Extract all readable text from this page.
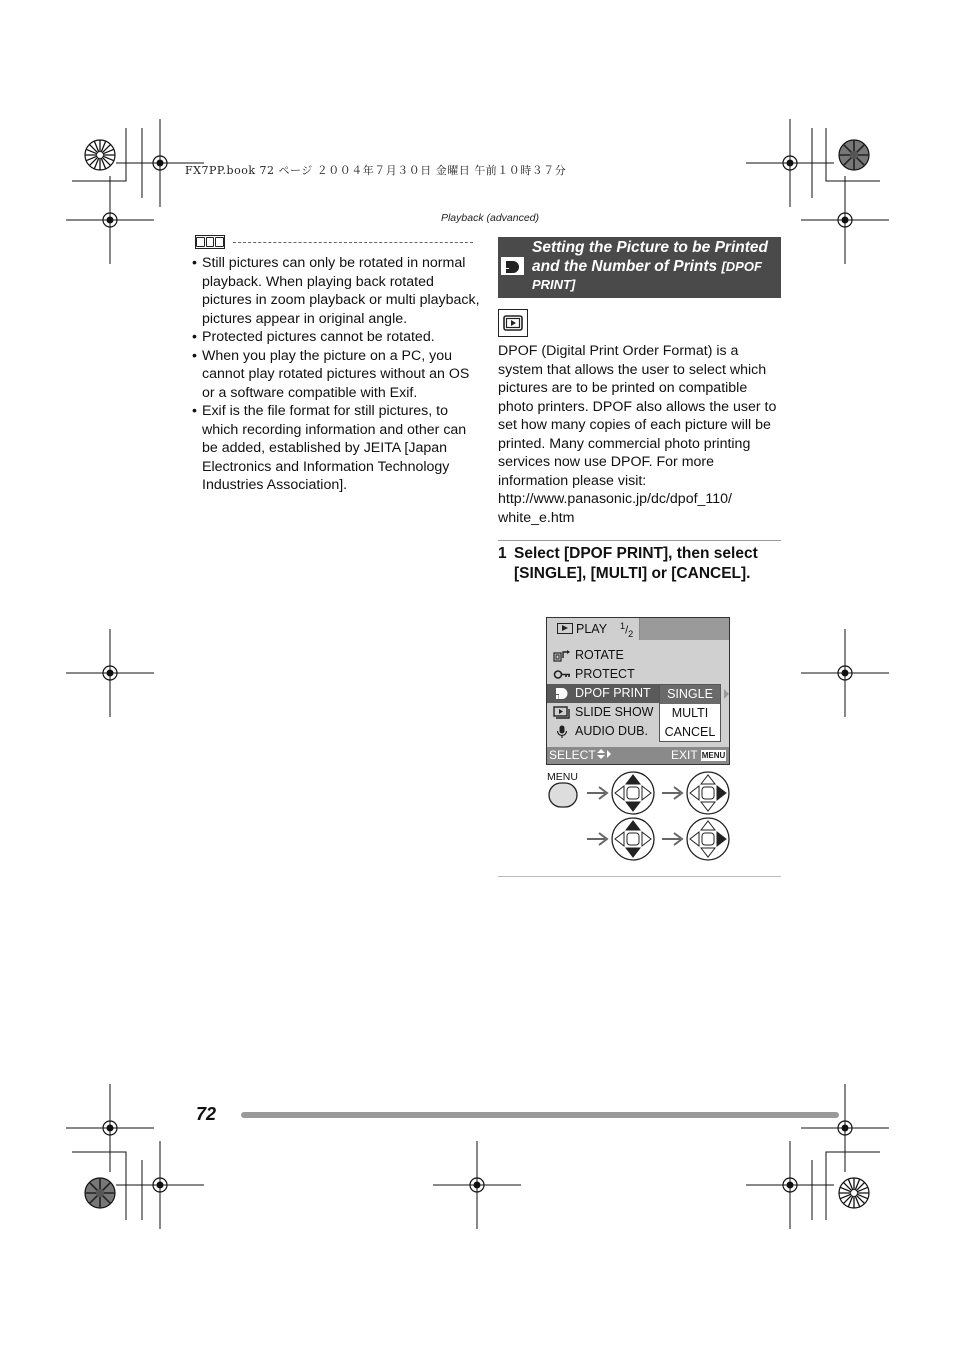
FX7PP.book 72 ページ ２００４年７月３０日 金曜日 午前１０時３７分
Playback (advanced)
• Still pictures can only be rotated in normal playback. When playing back rotated pictures in zoom playback or multi playback, pictures appear in original angle.
• Protected pictures cannot be rotated.
• When you play the picture on a PC, you cannot play rotated pictures without an OS or a software compatible with Exif.
• Exif is the file format for still pictures, to which recording information and other can be added, established by JEITA [Japan Electronics and Information Technology Industries Association].
Setting the Picture to be Printed and the Number of Prints [DPOF PRINT]

DPOF (Digital Print Order Format) is a system that allows the user to select which pictures are to be printed on compatible photo printers. DPOF also allows the user to set how many copies of each picture will be printed. Many commercial photo printing services now use DPOF. For more information please visit:
http://www.panasonic.jp/dc/dpof_110/
white_e.htm

1 Select [DPOF PRINT], then select [SINGLE], [MULTI] or [CANCEL].
PLAY $^1/_2$
ROTATE
PROTECT
DPOF PRINT
SLIDE SHOW
AUDIO DUB.
SINGLE
MULTI
CANCEL
SELECT	EXIT MENU
MENU
72
